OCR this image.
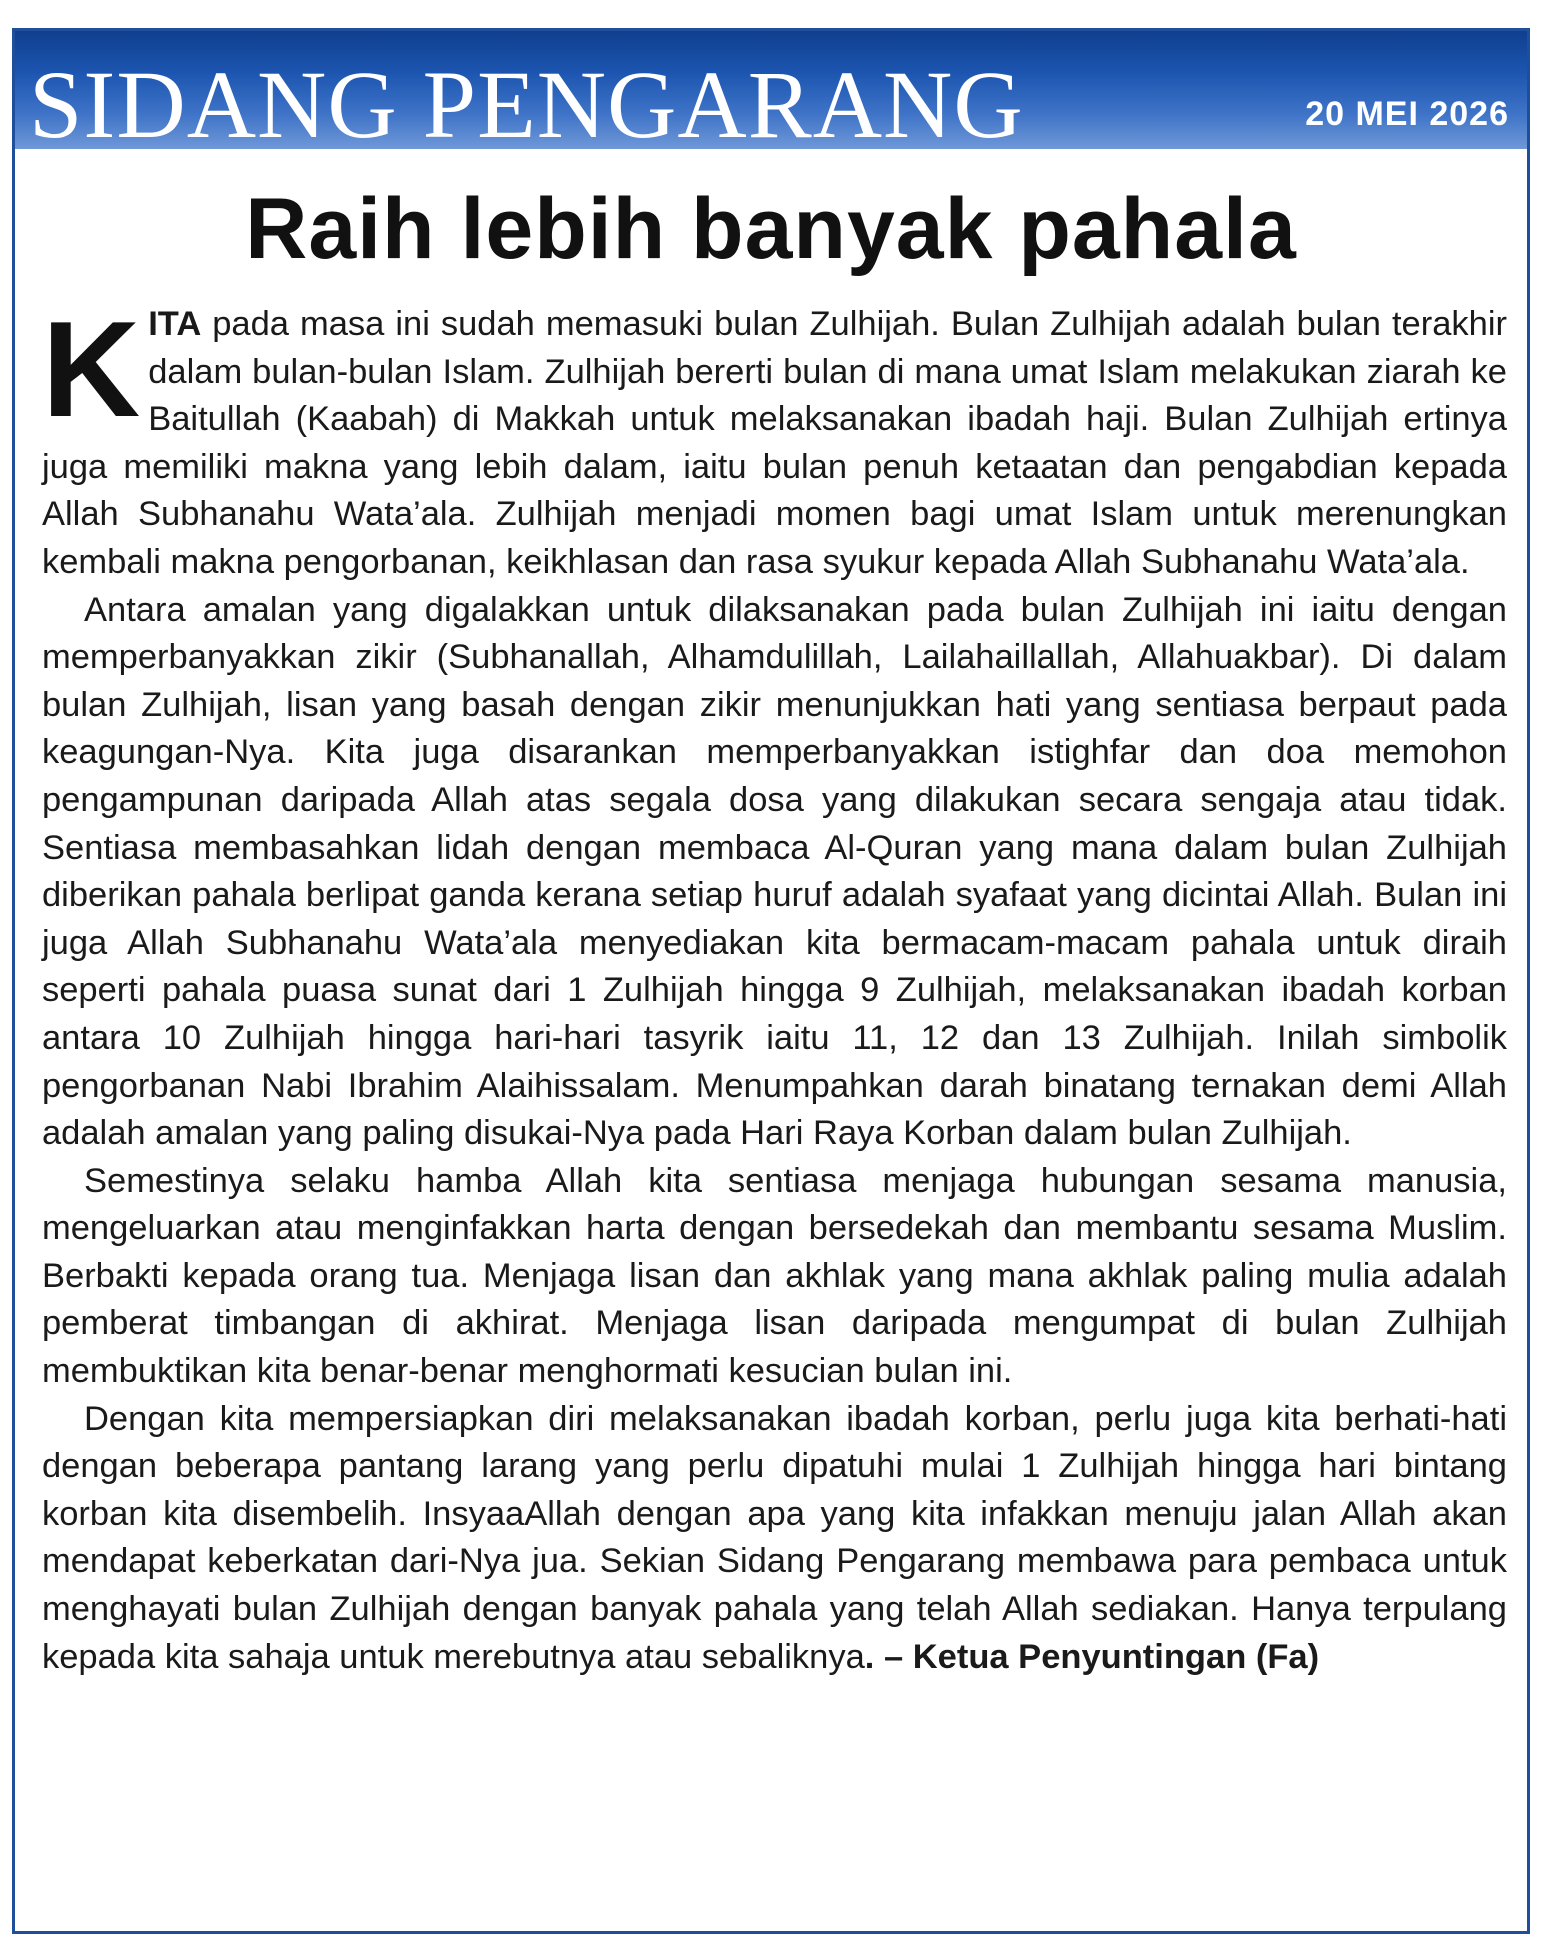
SIDANG PENGARANG	20 MEI 2026
Raih lebih banyak pahala

KITA pada masa ini sudah memasuki bulan Zulhijah. Bulan Zulhijah adalah bulan terakhir dalam bulan-bulan Islam. Zulhijah bererti bulan di mana umat Islam melakukan ziarah ke Baitullah (Kaabah) di Makkah untuk melaksanakan ibadah haji. Bulan Zulhijah ertinya juga memiliki makna yang lebih dalam, iaitu bulan penuh ketaatan dan pengabdian kepada Allah Subhanahu Wata’ala. Zulhijah menjadi momen bagi umat Islam untuk merenungkan kembali makna pengorbanan, keikhlasan dan rasa syukur kepada Allah Subhanahu Wata’ala.

Antara amalan yang digalakkan untuk dilaksanakan pada bulan Zulhijah ini iaitu dengan memperbanyakkan zikir (Subhanallah, Alhamdulillah, Lailahaillallah, Allahuakbar). Di dalam bulan Zulhijah, lisan yang basah dengan zikir menunjukkan hati yang sentiasa berpaut pada keagungan-Nya. Kita juga disarankan memperbanyakkan istighfar dan doa memohon pengampunan daripada Allah atas segala dosa yang dilakukan secara sengaja atau tidak. Sentiasa membasahkan lidah dengan membaca Al-Quran yang mana dalam bulan Zulhijah diberikan pahala berlipat ganda kerana setiap huruf adalah syafaat yang dicintai Allah. Bulan ini juga Allah Subhanahu Wata’ala menyediakan kita bermacam-macam pahala untuk diraih seperti pahala puasa sunat dari 1 Zulhijah hingga 9 Zulhijah, melaksanakan ibadah korban antara 10 Zulhijah hingga hari-hari tasyrik iaitu 11, 12 dan 13 Zulhijah. Inilah simbolik pengorbanan Nabi Ibrahim Alaihissalam. Menumpahkan darah binatang ternakan demi Allah adalah amalan yang paling disukai-Nya pada Hari Raya Korban dalam bulan Zulhijah.

Semestinya selaku hamba Allah kita sentiasa menjaga hubungan sesama manusia, mengeluarkan atau menginfakkan harta dengan bersedekah dan membantu sesama Muslim. Berbakti kepada orang tua. Menjaga lisan dan akhlak yang mana akhlak paling mulia adalah pemberat timbangan di akhirat. Menjaga lisan daripada mengumpat di bulan Zulhijah membuktikan kita benar-benar menghormati kesucian bulan ini.

Dengan kita mempersiapkan diri melaksanakan ibadah korban, perlu juga kita berhati-hati dengan beberapa pantang larang yang perlu dipatuhi mulai 1 Zulhijah hingga hari bintang korban kita disembelih. InsyaaAllah dengan apa yang kita infakkan menuju jalan Allah akan mendapat keberkatan dari-Nya jua. Sekian Sidang Pengarang membawa para pembaca untuk menghayati bulan Zulhijah dengan banyak pahala yang telah Allah sediakan. Hanya terpulang kepada kita sahaja untuk merebutnya atau sebaliknya. – Ketua Penyuntingan (Fa)
